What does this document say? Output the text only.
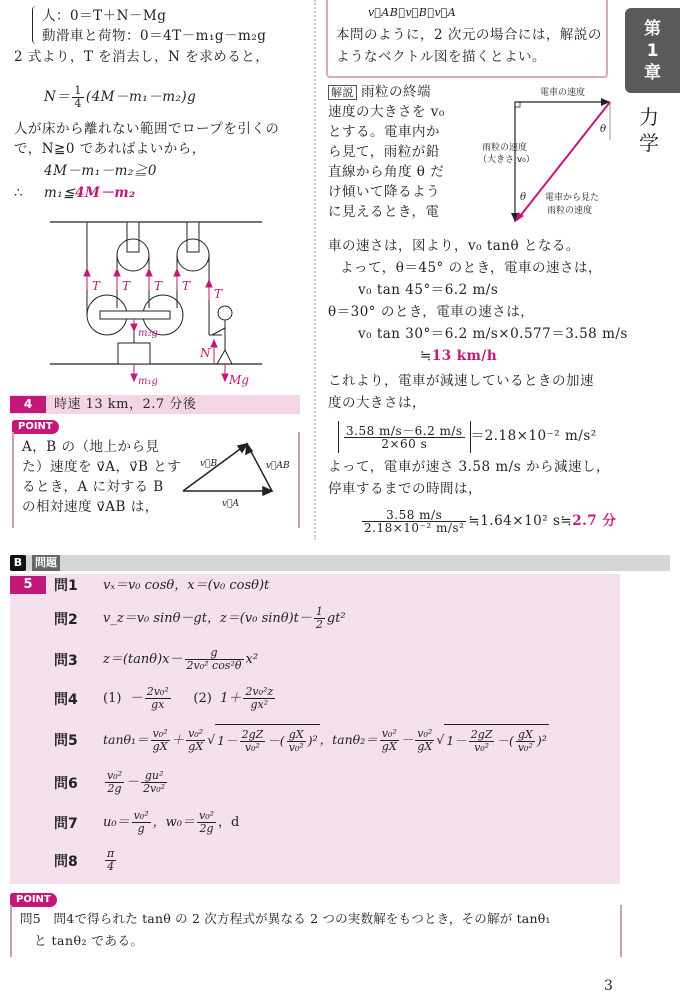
第
1
章
力学
人：0＝T＋N－Mg
動滑車と荷物：0＝4T－m₁g－m₂g
2 式より，T を消去し，N を求めると，
$N= \frac{1}{4} (4M-m_1-m_2)g$
人が床から離れない範囲でロープを引くの
で，N≧0 であればよいから，
4M－m₁－m₂≧0
∴ m₁≦4M－m₂
T T T T
T
m₂g
m₁g
N
Mg
4	時速 13 km，2.7 分後
POINT
A，B の（地上から見
た）速度を v⃗A，v⃗B とす
るとき，A に対する B
の相対速度 v⃗AB は，
v⃗B	v⃗AB
v⃗A
v⃗AB＝v⃗B－v⃗A
本問のように，2 次元の場合には，解説の
ようなベクトル図を描くとよい。
解説 雨粒の終端
速度の大きさを v₀
とする。電車内か
ら見て，雨粒が鉛
直線から角度 θ だ
け傾いて降るよう
に見えるとき，電
電車の速度
雨粒の速度
（大きさ v₀）
電車から見た
雨粒の速度
θ
θ
車の速さは，図より，v₀ tanθ となる。
よって，θ＝45° のとき，電車の速さは，
v₀ tan 45°＝6.2 m/s
θ＝30° のとき，電車の速さは，
v₀ tan 30°＝6.2 m/s×0.577＝3.58 m/s
≒13 km/h
これより，電車が減速しているときの加速
度の大きさは，
$\frac{3.58 m/s-6.2 m/s}{2\times 60 s} =2.18\times 10^{-2}$ m/s²
よって，電車が速さ 3.58 m/s から減速し，
停車するまでの時間は，
$\frac{3.58 m/s}{\text{2.18×10⁻² m/s²}}$ ≒1.64×10² s≒2.7 分
B	問題
5	問1 vₓ＝v₀ cosθ，x＝(v₀ cosθ)t
問2 v_z＝v₀ sinθ－gt，z＝(v₀ $\sin\theta)t- \frac{1}{2} gt^2$
問3 $z=(\tan\theta)x- \frac{g}{\text{2v₀² cos²θ}} x^2$
問4 $(1) - \frac{\text{2v₀²}}{gx} (2)$ $1+ \frac{\text{2v₀²z}}{\text{gx²}}$
問5 $\tan\theta_1= \frac{\text{v₀²}}{gX} + \frac{\text{v₀²}}{gX}$ √ $1- \frac{2gZ}{\text{v₀²}}$ －( $\frac{gX}{\text{v₀²}} )^2$ ，$\tan\theta_2= \frac{\text{v₀²}}{gX} - \frac{\text{v₀²}}{gX}$ √ $1- \frac{2gZ}{\text{v₀²}}$ －( $\frac{gX}{\text{v₀²}} )^2$
問$6 \frac{\text{v₀²}}{2g} - \frac{\text{gu²}}{\text{2v₀²}}$
問7 $u_0= \frac{\text{v₀²}}{g}$ ，$w_0= \frac{\text{v₀²}}{2g}$ ，d
問$8 \frac{\pi}{4}$
POINT
問5　問4で得られた tanθ の 2 次方程式が異なる 2 つの実数解をもつとき，その解が tanθ₁
と tanθ₂ である。
3
